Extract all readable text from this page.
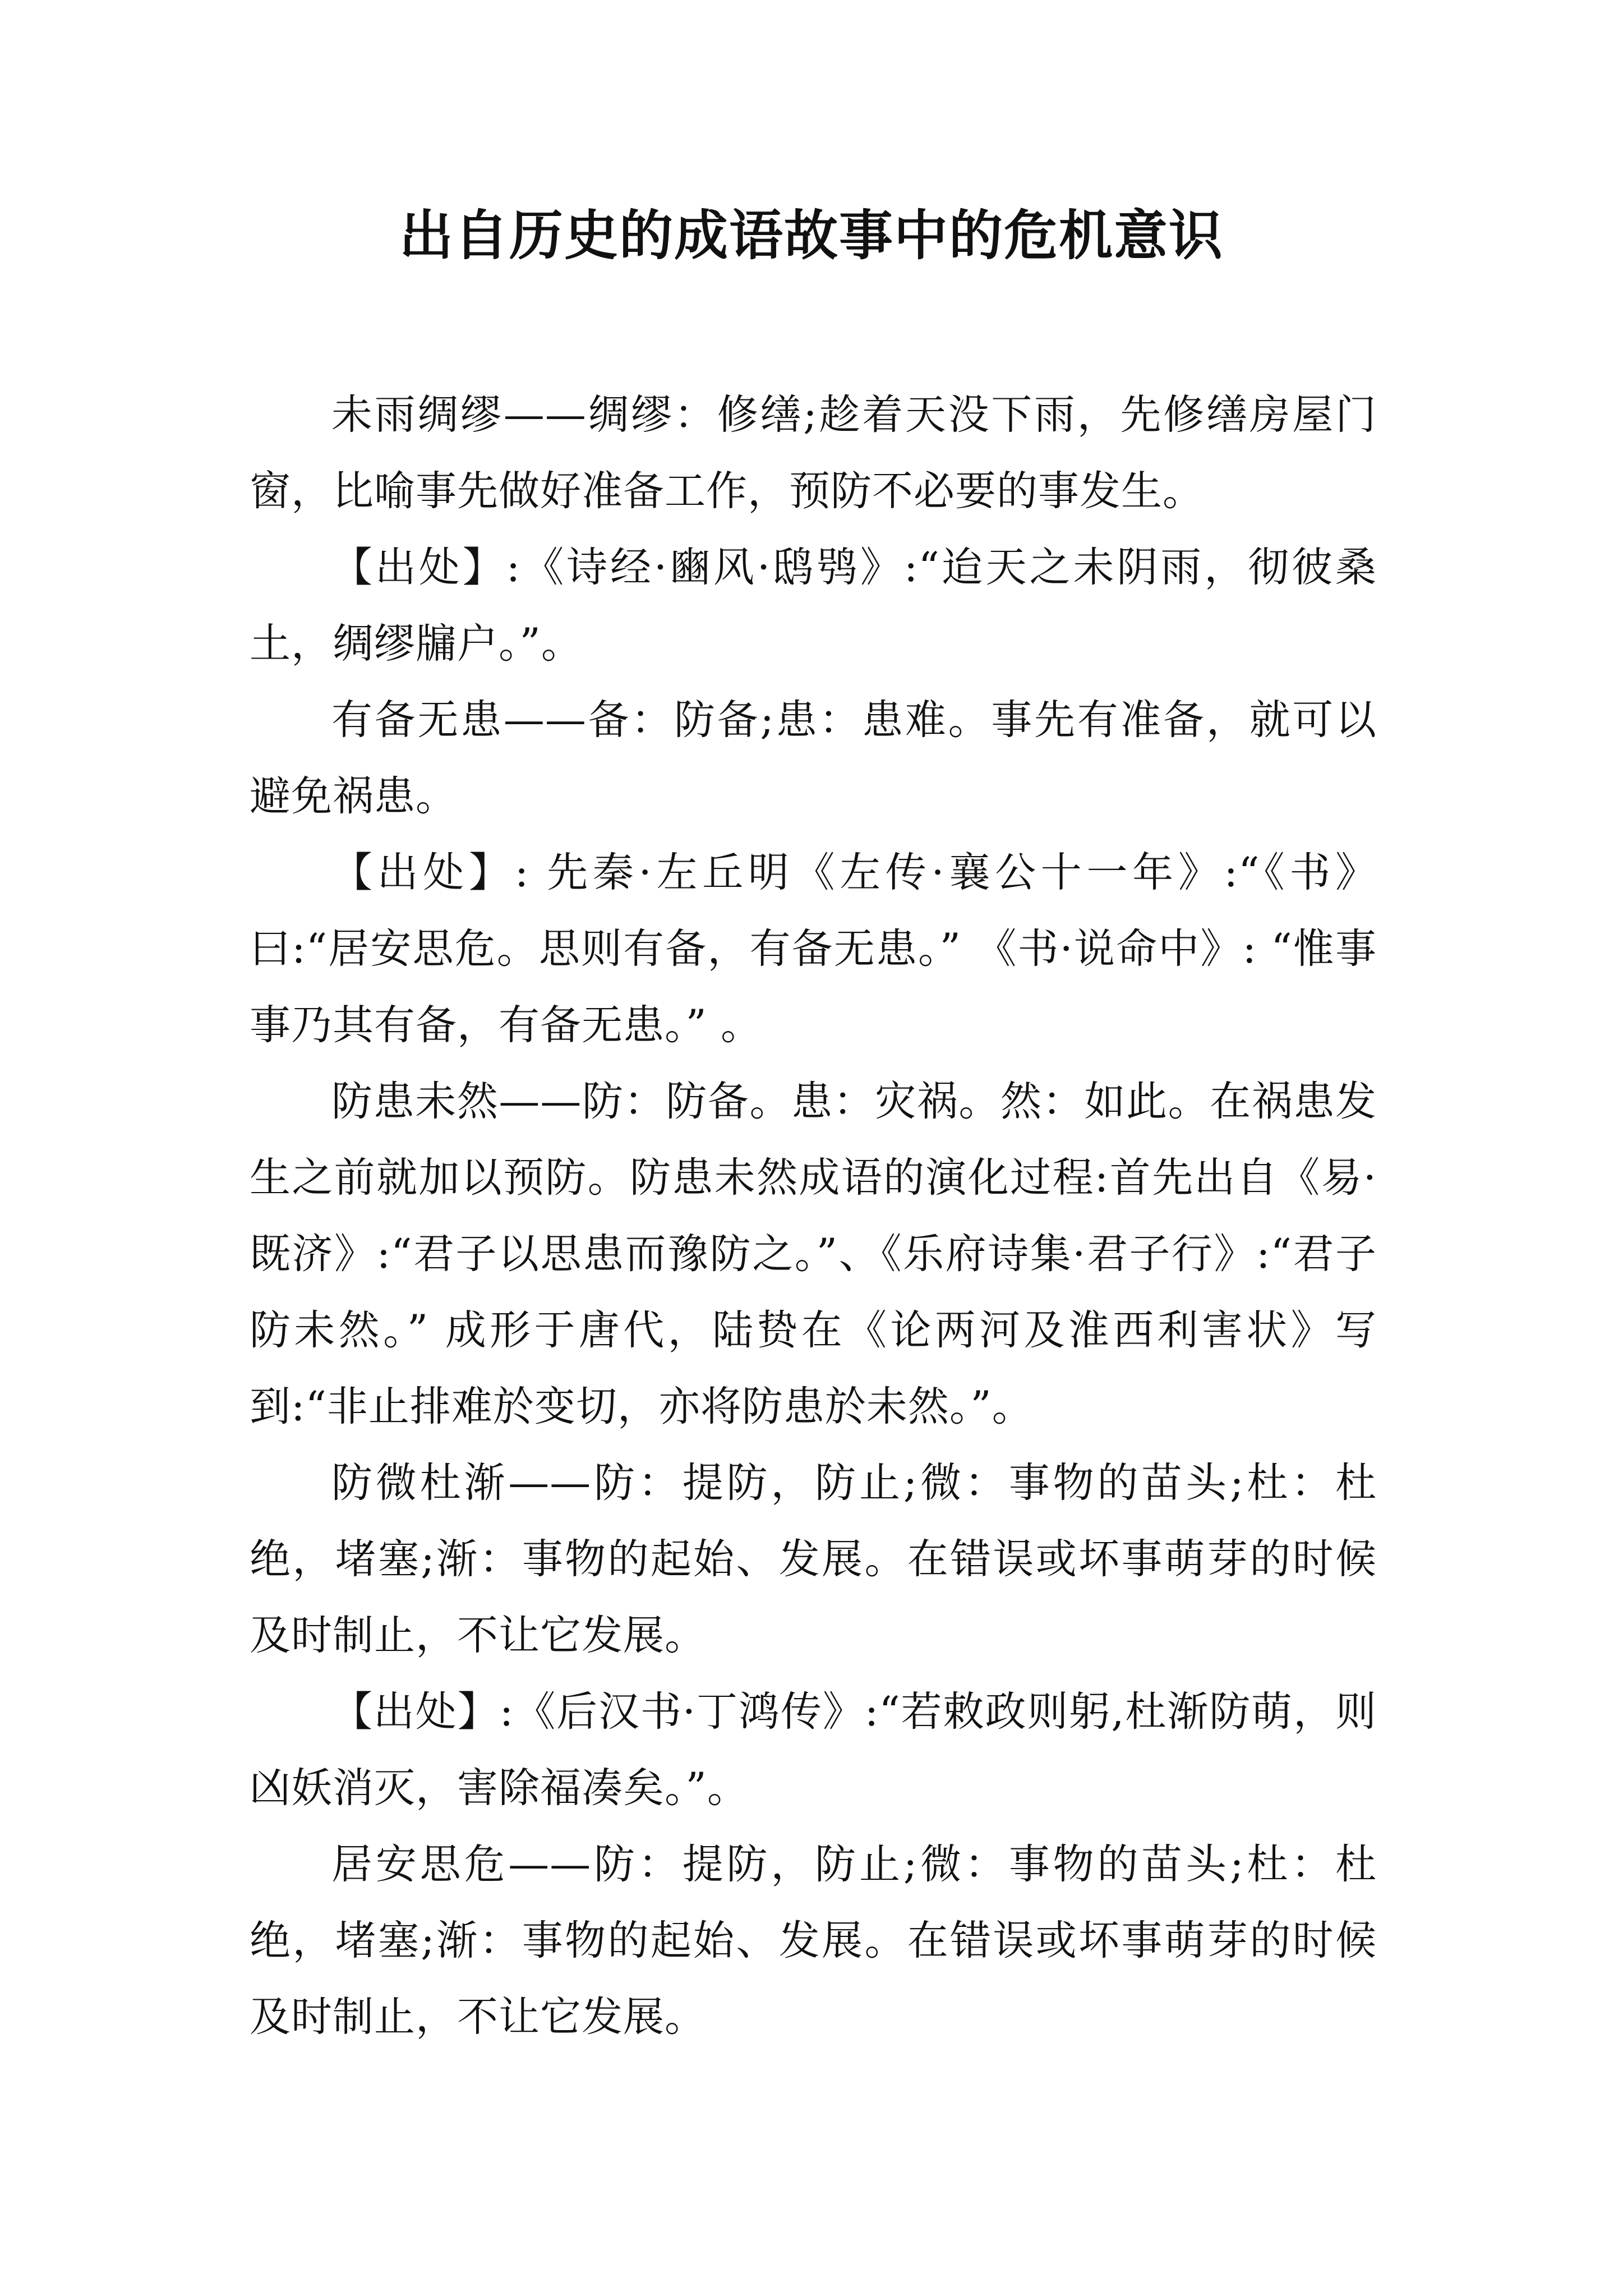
出自历史的成语故事中的危机意识

未雨绸缪——绸缪：修缮;趁着天没下雨，先修缮房屋门窗，比喻事先做好准备工作，预防不必要的事发生。

【出处】:《诗经·豳风·鸱鸮》:“迨天之未阴雨，彻彼桑土，绸缪牖户。”。

有备无患——备：防备;患：患难。事先有准备，就可以避免祸患。

【出处】: 先秦·左丘明《左传·襄公十一年》:“《书》曰:“居安思危。思则有备，有备无患。” 《书·说命中》: “惟事事乃其有备，有备无患。” 。

防患未然——防：防备。患：灾祸。然：如此。在祸患发生之前就加以预防。防患未然成语的演化过程:首先出自《易·既济》:“君子以思患而豫防之。”、《乐府诗集·君子行》:“君子防未然。” 成形于唐代，陆贽在《论两河及淮西利害状》写到:“非止排难於变切，亦将防患於未然。”。

防微杜渐——防：提防，防止;微：事物的苗头;杜：杜绝，堵塞;渐：事物的起始、发展。在错误或坏事萌芽的时候及时制止，不让它发展。

【出处】:《后汉书·丁鸿传》:“若敕政则躬,杜渐防萌，则凶妖消灭，害除福凑矣。”。

居安思危——防：提防，防止;微：事物的苗头;杜：杜绝，堵塞;渐：事物的起始、发展。在错误或坏事萌芽的时候及时制止，不让它发展。
